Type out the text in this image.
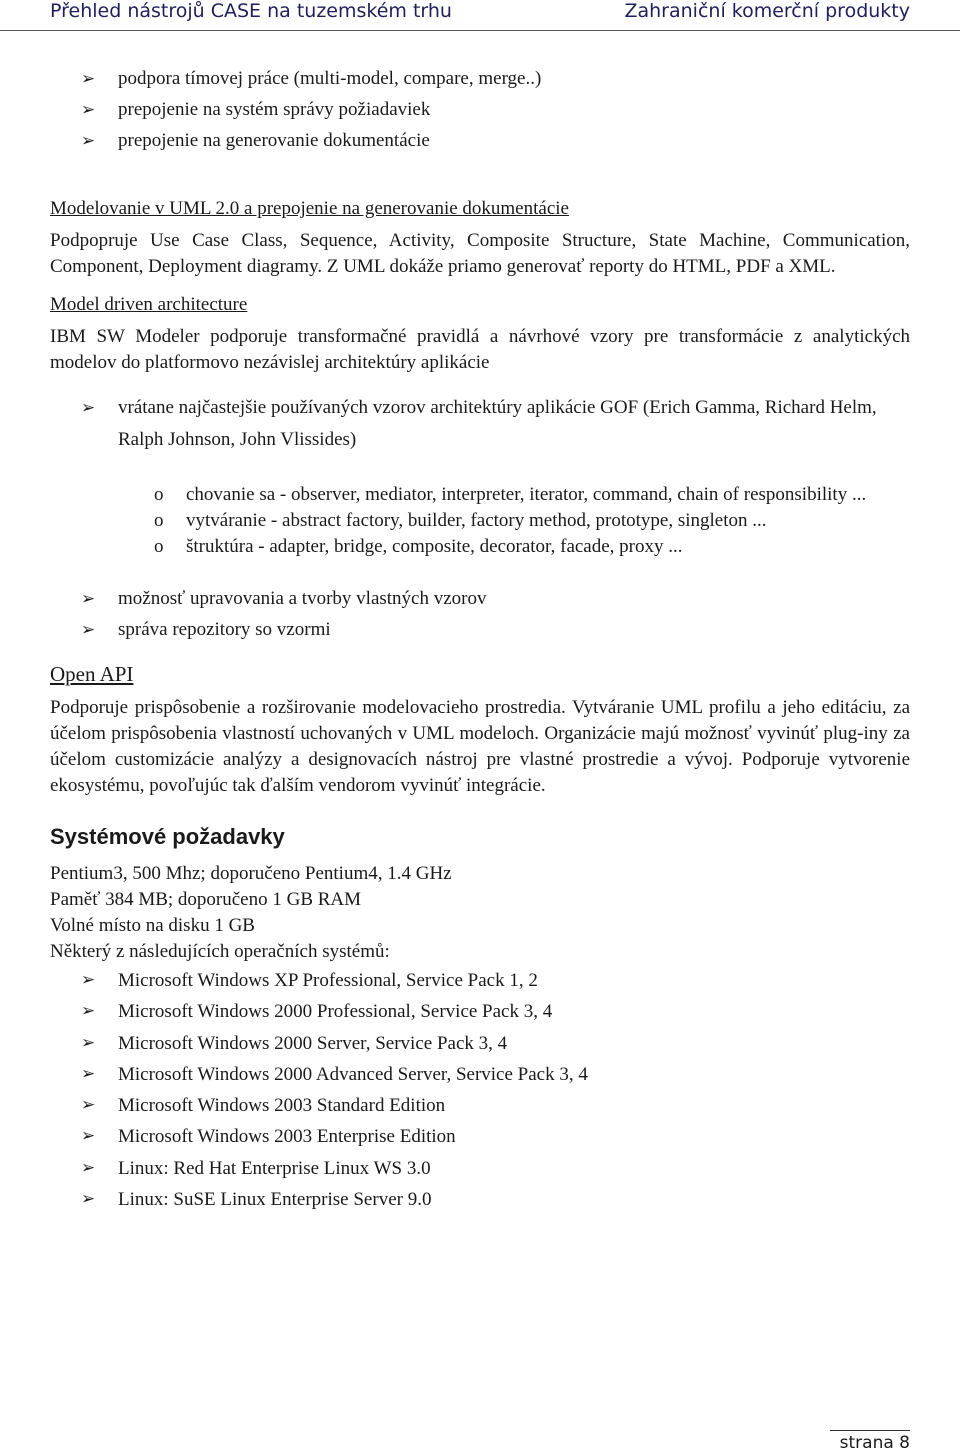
Přehled nástrojů CASE na tuzemském trhu	Zahraniční komerční produkty
➢ podpora tímovej práce (multi-model, compare, merge..)
➢ prepojenie na systém správy požiadaviek
➢ prepojenie na generovanie dokumentácie
Modelovanie v UML 2.0 a prepojenie na generovanie dokumentácie

Podpopruje Use Case Class, Sequence, Activity, Composite Structure, State Machine, Communication, Component, Deployment diagramy. Z UML dokáže priamo generovať reporty do HTML, PDF a XML.

Model driven architecture

IBM SW Modeler podporuje transformačné pravidlá a návrhové vzory pre transformácie z analytických modelov do platformovo nezávislej architektúry aplikácie

➢ vrátane najčastejšie používaných vzorov architektúry aplikácie GOF (Erich Gamma, Richard Helm, Ralph Johnson, John Vlissides)
o chovanie sa - observer, mediator, interpreter, iterator, command, chain of responsibility ...
o vytváranie - abstract factory, builder, factory method, prototype, singleton ...
o štruktúra - adapter, bridge, composite, decorator, facade, proxy ...
➢ možnosť upravovania a tvorby vlastných vzorov
➢ správa repozitory so vzormi
Open API

Podporuje prispôsobenie a rozširovanie modelovacieho prostredia. Vytváranie UML profilu a jeho editáciu, za účelom prispôsobenia vlastností uchovaných v UML modeloch. Organizácie majú možnosť vyvinúť plug-iny za účelom customizácie analýzy a designovacích nástroj pre vlastné prostredie a vývoj. Podporuje vytvorenie ekosystému, povoľujúc tak ďalším vendorom vyvinúť integrácie.

Systémové požadavky

Pentium3, 500 Mhz; doporučeno Pentium4, 1.4 GHz

Paměť 384 MB; doporučeno 1 GB RAM

Volné místo na disku 1 GB

Některý z následujících operačních systémů:

➢ Microsoft Windows XP Professional, Service Pack 1, 2
➢ Microsoft Windows 2000 Professional, Service Pack 3, 4
➢ Microsoft Windows 2000 Server, Service Pack 3, 4
➢ Microsoft Windows 2000 Advanced Server, Service Pack 3, 4
➢ Microsoft Windows 2003 Standard Edition
➢ Microsoft Windows 2003 Enterprise Edition
➢ Linux: Red Hat Enterprise Linux WS 3.0
➢ Linux: SuSE Linux Enterprise Server 9.0
strana 8
